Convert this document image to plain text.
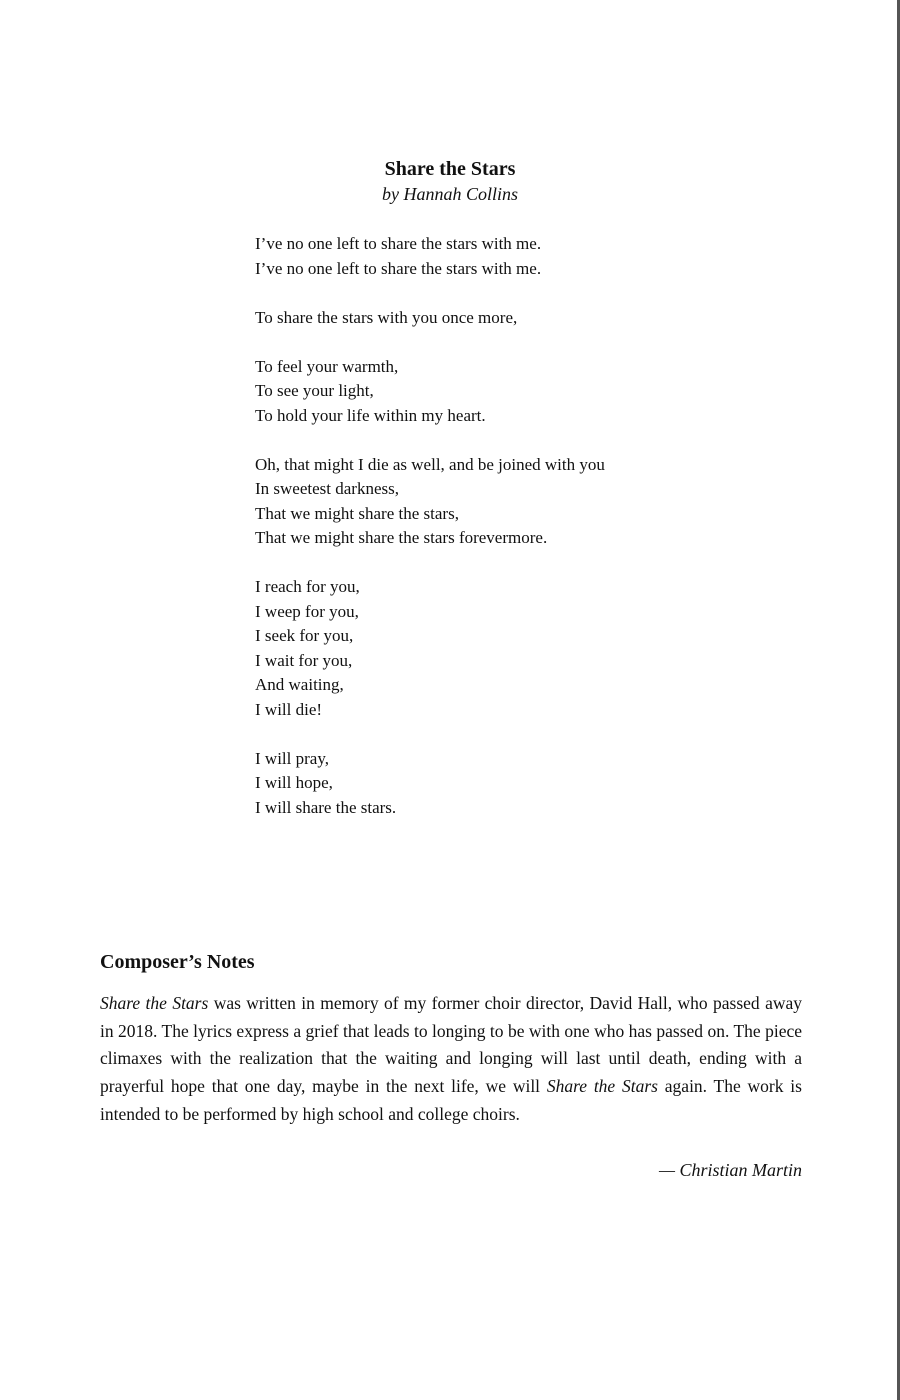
Share the Stars
by Hannah Collins
I’ve no one left to share the stars with me.
I’ve no one left to share the stars with me.
To share the stars with you once more,
To feel your warmth,
To see your light,
To hold your life within my heart.
Oh, that might I die as well, and be joined with you
In sweetest darkness,
That we might share the stars,
That we might share the stars forevermore.
I reach for you,
I weep for you,
I seek for you,
I wait for you,
And waiting,
I will die!
I will pray,
I will hope,
I will share the stars.
Composer’s Notes

Share the Stars was written in memory of my former choir director, David Hall, who passed away in 2018. The lyrics express a grief that leads to longing to be with one who has passed on. The piece climaxes with the realization that the waiting and longing will last until death, ending with a prayerful hope that one day, maybe in the next life, we will Share the Stars again. The work is intended to be performed by high school and college choirs.

— Christian Martin
